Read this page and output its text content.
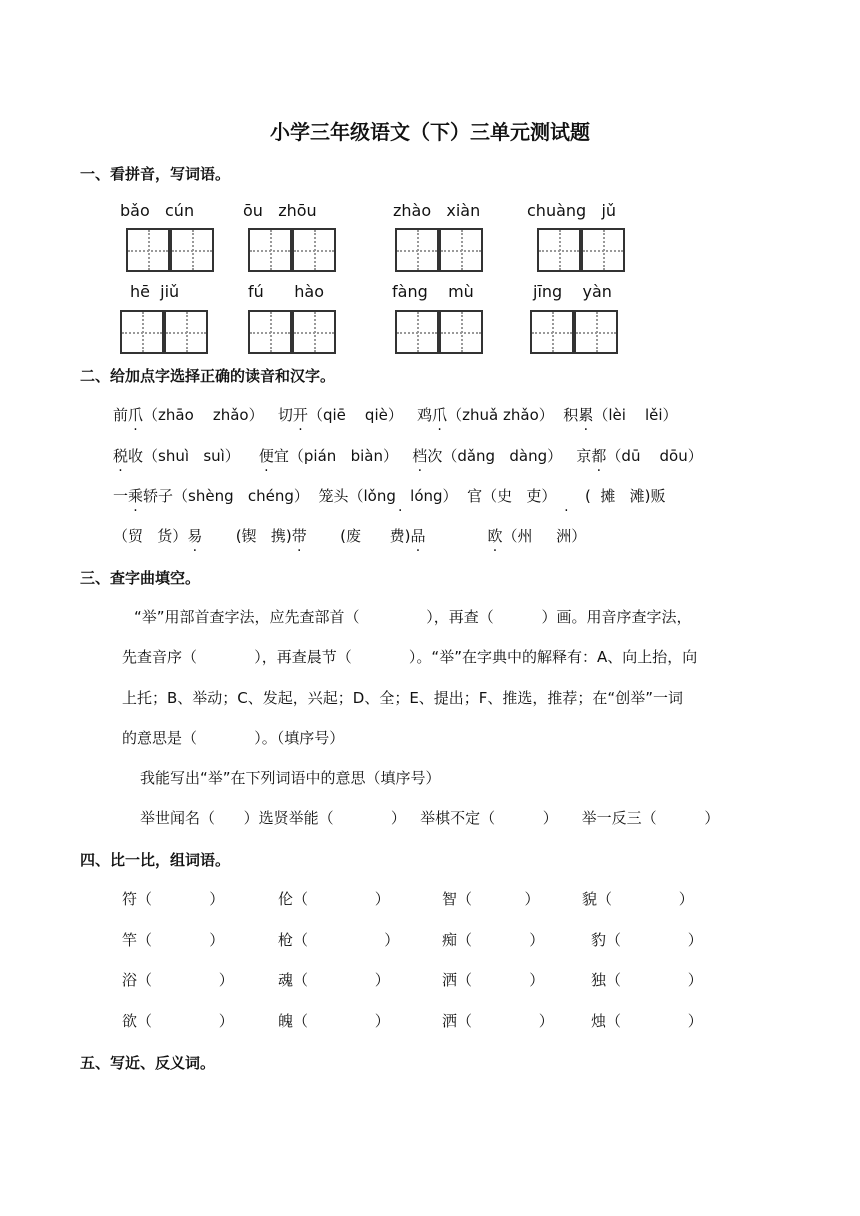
小学三年级语文（下）三单元测试题
一、看拼音，写词语。
bǎo   cún	ōu   zhōu	zhào   xiàn	chuàng   jǔ
hē  jiǔ	fú      hào	fàng    mù	jīng    yàn
二、给加点字选择正确的读音和汉字。
前爪（zhāo    zhǎo）   切开（qiē    qiè）   鸡爪（zhuǎ zhǎo）  积累（lèi    lěi）
税收（shuì   suì）    便宜（pián   biàn）   档次（dǎng   dàng）   京都（dū    dōu）
一乘轿子（shèng   chéng）  笼头（lǒng   lóng）   ·官（史   吏）      (  摊   滩) ·贩
（贸   货）易       (锲   携)带       (废      费)品	欧（州     洲）
三、查字曲填空。
“举”用部首查字法，应先查部首（              ），再查（          ）画。用音序查字法，
先查音序（            ），再查晨节（            ）。“举”在字典中的解释有：A、向上抬，向
上托；B、举动；C、发起，兴起；D、全；E、提出；F、推选，推荐；在“创举”一词
的意思是（            ）。（填序号）
我能写出“举”在下列词语中的意思（填序号）
举世闻名（      ）选贤举能（            ）   举棋不定（          ）     举一反三（          ）
四、比一比，组词语。
符（            ）	伦（              ）	智（           ）	貌（              ）
竿（            ）	枪（                ）	痴（            ）	豹（              ）
浴（              ）	魂（              ）	洒（            ）	独（              ）
欲（              ）	魄（              ）	洒（              ） 烛（              ）
五、写近、反义词。
